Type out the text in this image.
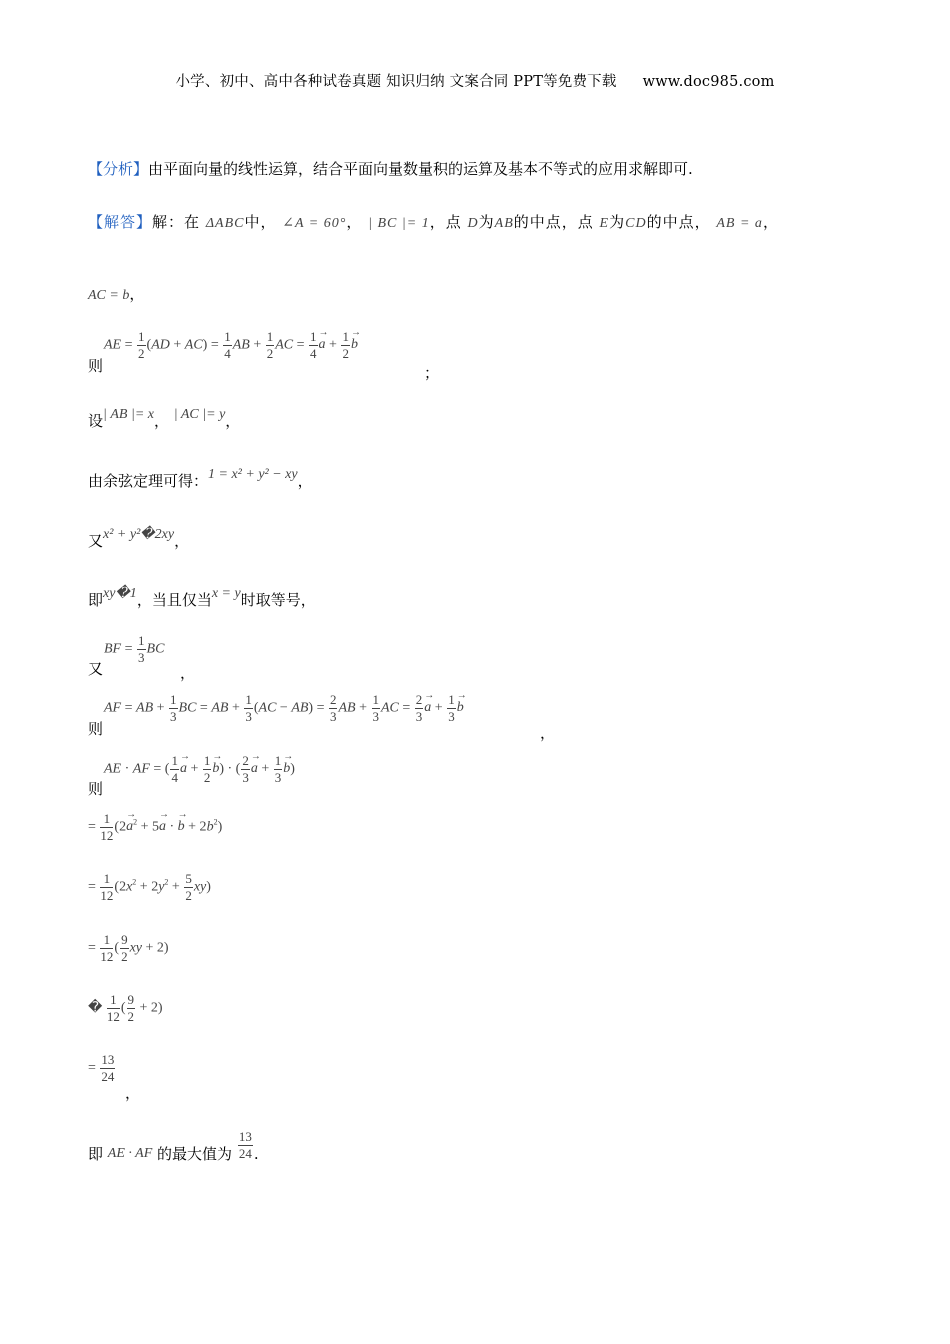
小学、初中、高中各种试卷真题 知识归纳 文案合同 PPT等免费下载 www.doc985.com
【分析】由平面向量的线性运算，结合平面向量数量积的运算及基本不等式的应用求解即可.
【解答】解：在 ΔABC中， ∠A = 60°， | BC |= 1，点 D为AB的中点，点 E为CD的中点， AB = a，
AC = b，
则
AE = $\frac{1}{2} (AD + AC) = \frac{1}{4}$ AB + $\frac{1}{2}$ AC = $\frac{1}{4}$
→ $a + \frac{1}{2}$
→ b
；
设| AB |= x， | AC |= y，
由余弦定理可得：1 = x² + y² − xy，
又x² + y²�2xy，
即xy�1，当且仅当x = y时取等号，
又
BF = $\frac{1}{3}$ BC
，
则
AF = AB + $\frac{1}{3}$ BC = AB + $\frac{1}{3} (AC - AB) = \frac{2}{3}$ AB + $\frac{1}{3}$ AC = $\frac{2}{3}$
→ $a + \frac{1}{3}$
→ b
，
则
AE · AF = ( $\frac{1}{4}$
→ $a + \frac{1}{2}$
→ b) · ( $\frac{2}{3}$
→ $a + \frac{1}{3}$
→ b)
= $\frac{1}{12} (2\to a^2 + 5\to a$ · → $b + 2b^2$)
= $\frac{1}{12} (2x^2 + 2y^2 + \frac{5}{2} xy)$
= $\frac{1}{12}$ ( $\frac{9}{2}$ xy + 2)
� $\frac{1}{12}$ ( $\frac{9}{2} + 2$)
= $\frac{13}{24}$
，
即 AE · AF 的最大值为 $\frac{13}{24}$ .
